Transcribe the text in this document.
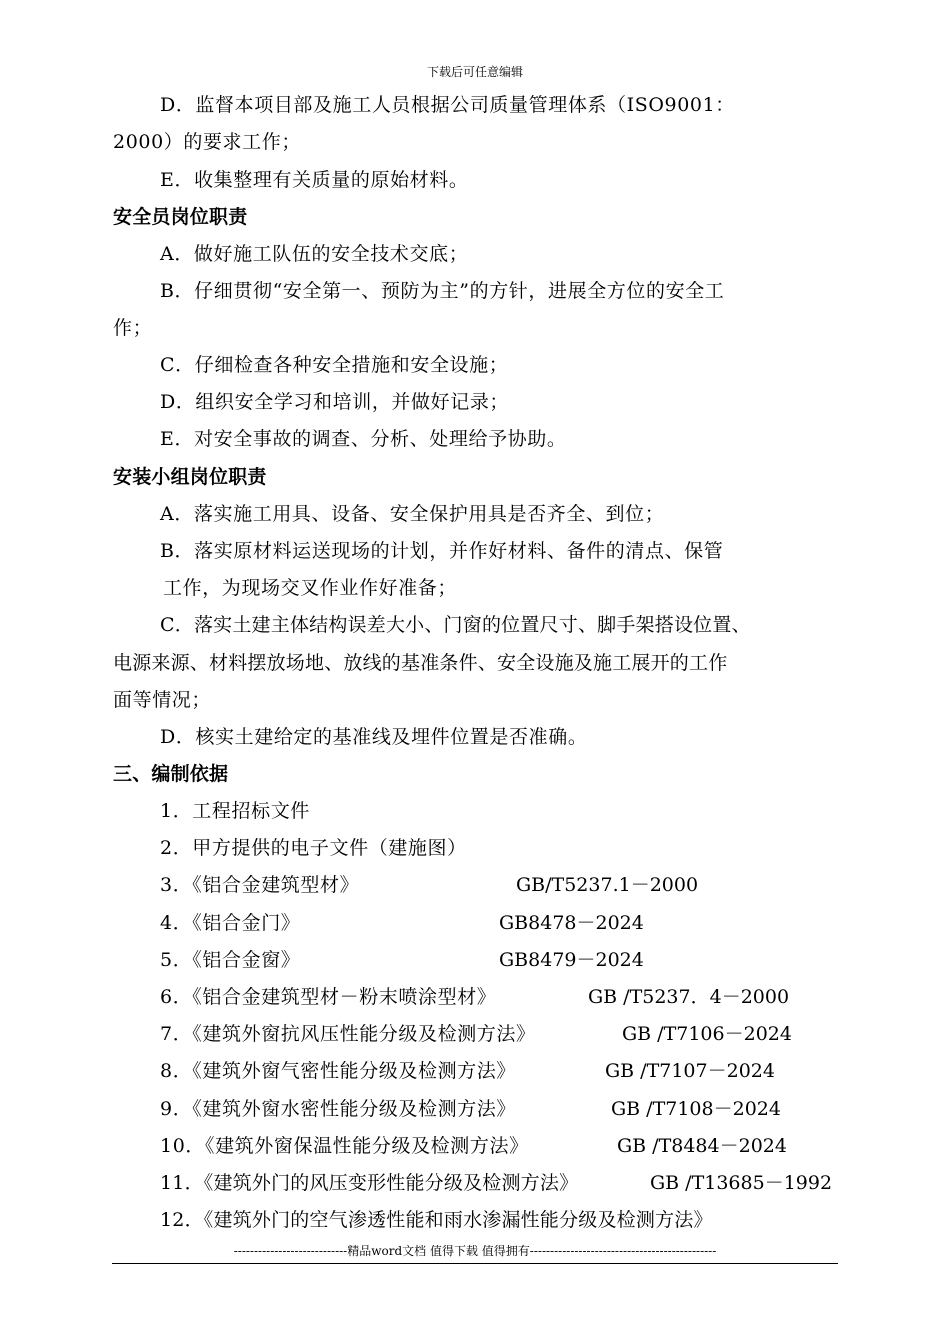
下载后可任意编辑
D．监督本项目部及施工人员根据公司质量管理体系（ISO9001：
2000）的要求工作；
E．收集整理有关质量的原始材料。
安全员岗位职责
A．做好施工队伍的安全技术交底；
B．仔细贯彻“安全第一、预防为主”的方针，进展全方位的安全工
作；
C．仔细检查各种安全措施和安全设施；
D．组织安全学习和培训，并做好记录；
E．对安全事故的调查、分析、处理给予协助。
安装小组岗位职责
A．落实施工用具、设备、安全保护用具是否齐全、到位；
B．落实原材料运送现场的计划，并作好材料、备件的清点、保管
工作，为现场交叉作业作好准备；
C．落实土建主体结构误差大小、门窗的位置尺寸、脚手架搭设位置、
电源来源、材料摆放场地、放线的基准条件、安全设施及施工展开的工作
面等情况；
D．核实土建给定的基准线及埋件位置是否准确。
三、编制依据
1．工程招标文件
2．甲方提供的电子文件（建施图）
3．《铝合金建筑型材》	GB/T5237.1－2000
4．《铝合金门》	GB8478－2024
5．《铝合金窗》	GB8479－2024
6．《铝合金建筑型材－粉末喷涂型材》	GB /T5237．4－2000
7．《建筑外窗抗风压性能分级及检测方法》	GB /T7106－2024
8．《建筑外窗气密性能分级及检测方法》	GB /T7107－2024
9．《建筑外窗水密性能分级及检测方法》	GB /T7108－2024
10．《建筑外窗保温性能分级及检测方法》	GB /T8484－2024
11．《建筑外门的风压变形性能分级及检测方法》	GB /T13685－1992
12．《建筑外门的空气渗透性能和雨水渗漏性能分级及检测方法》
----------------------------精品word文档 值得下载 值得拥有----------------------------------------------
